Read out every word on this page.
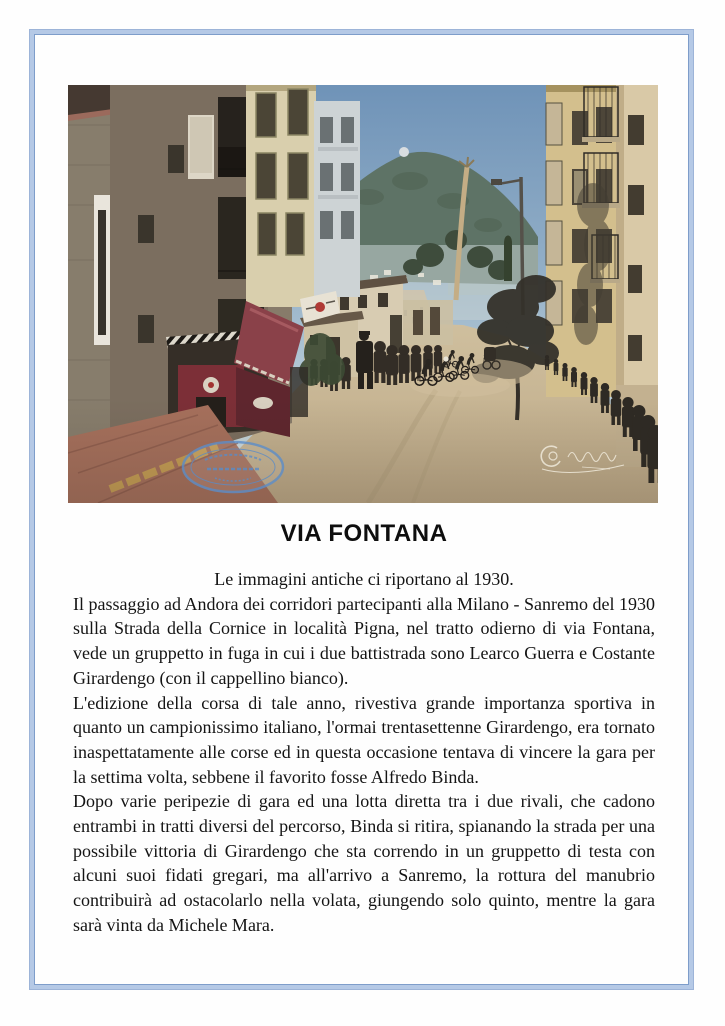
VIA FONTANA
Le immagini antiche ci riportano al 1930.
Il passaggio ad Andora dei corridori partecipanti alla Milano - Sanremo del 1930 sulla Strada della Cornice in località Pigna, nel tratto odierno di via Fontana, vede un gruppetto in fuga in cui i due battistrada sono Learco Guerra e Costante Girardengo (con il cappellino bianco).
L'edizione della corsa di tale anno, rivestiva grande importanza sportiva in quanto un campionissimo italiano, l'ormai trentasettenne Girardengo, era tornato inaspettatamente alle corse ed in questa occasione tentava di vincere la gara per la settima volta, sebbene il favorito fosse Alfredo Binda.
Dopo varie peripezie di gara ed una lotta diretta tra i due rivali, che cadono entrambi in tratti diversi del percorso, Binda si ritira, spianando la strada per una possibile vittoria di Girardengo che sta correndo in un gruppetto di testa con alcuni suoi fidati gregari, ma all'arrivo a Sanremo, la rottura del manubrio contribuirà ad ostacolarlo nella volata, giungendo solo quinto, mentre la gara sarà vinta da Michele Mara.
